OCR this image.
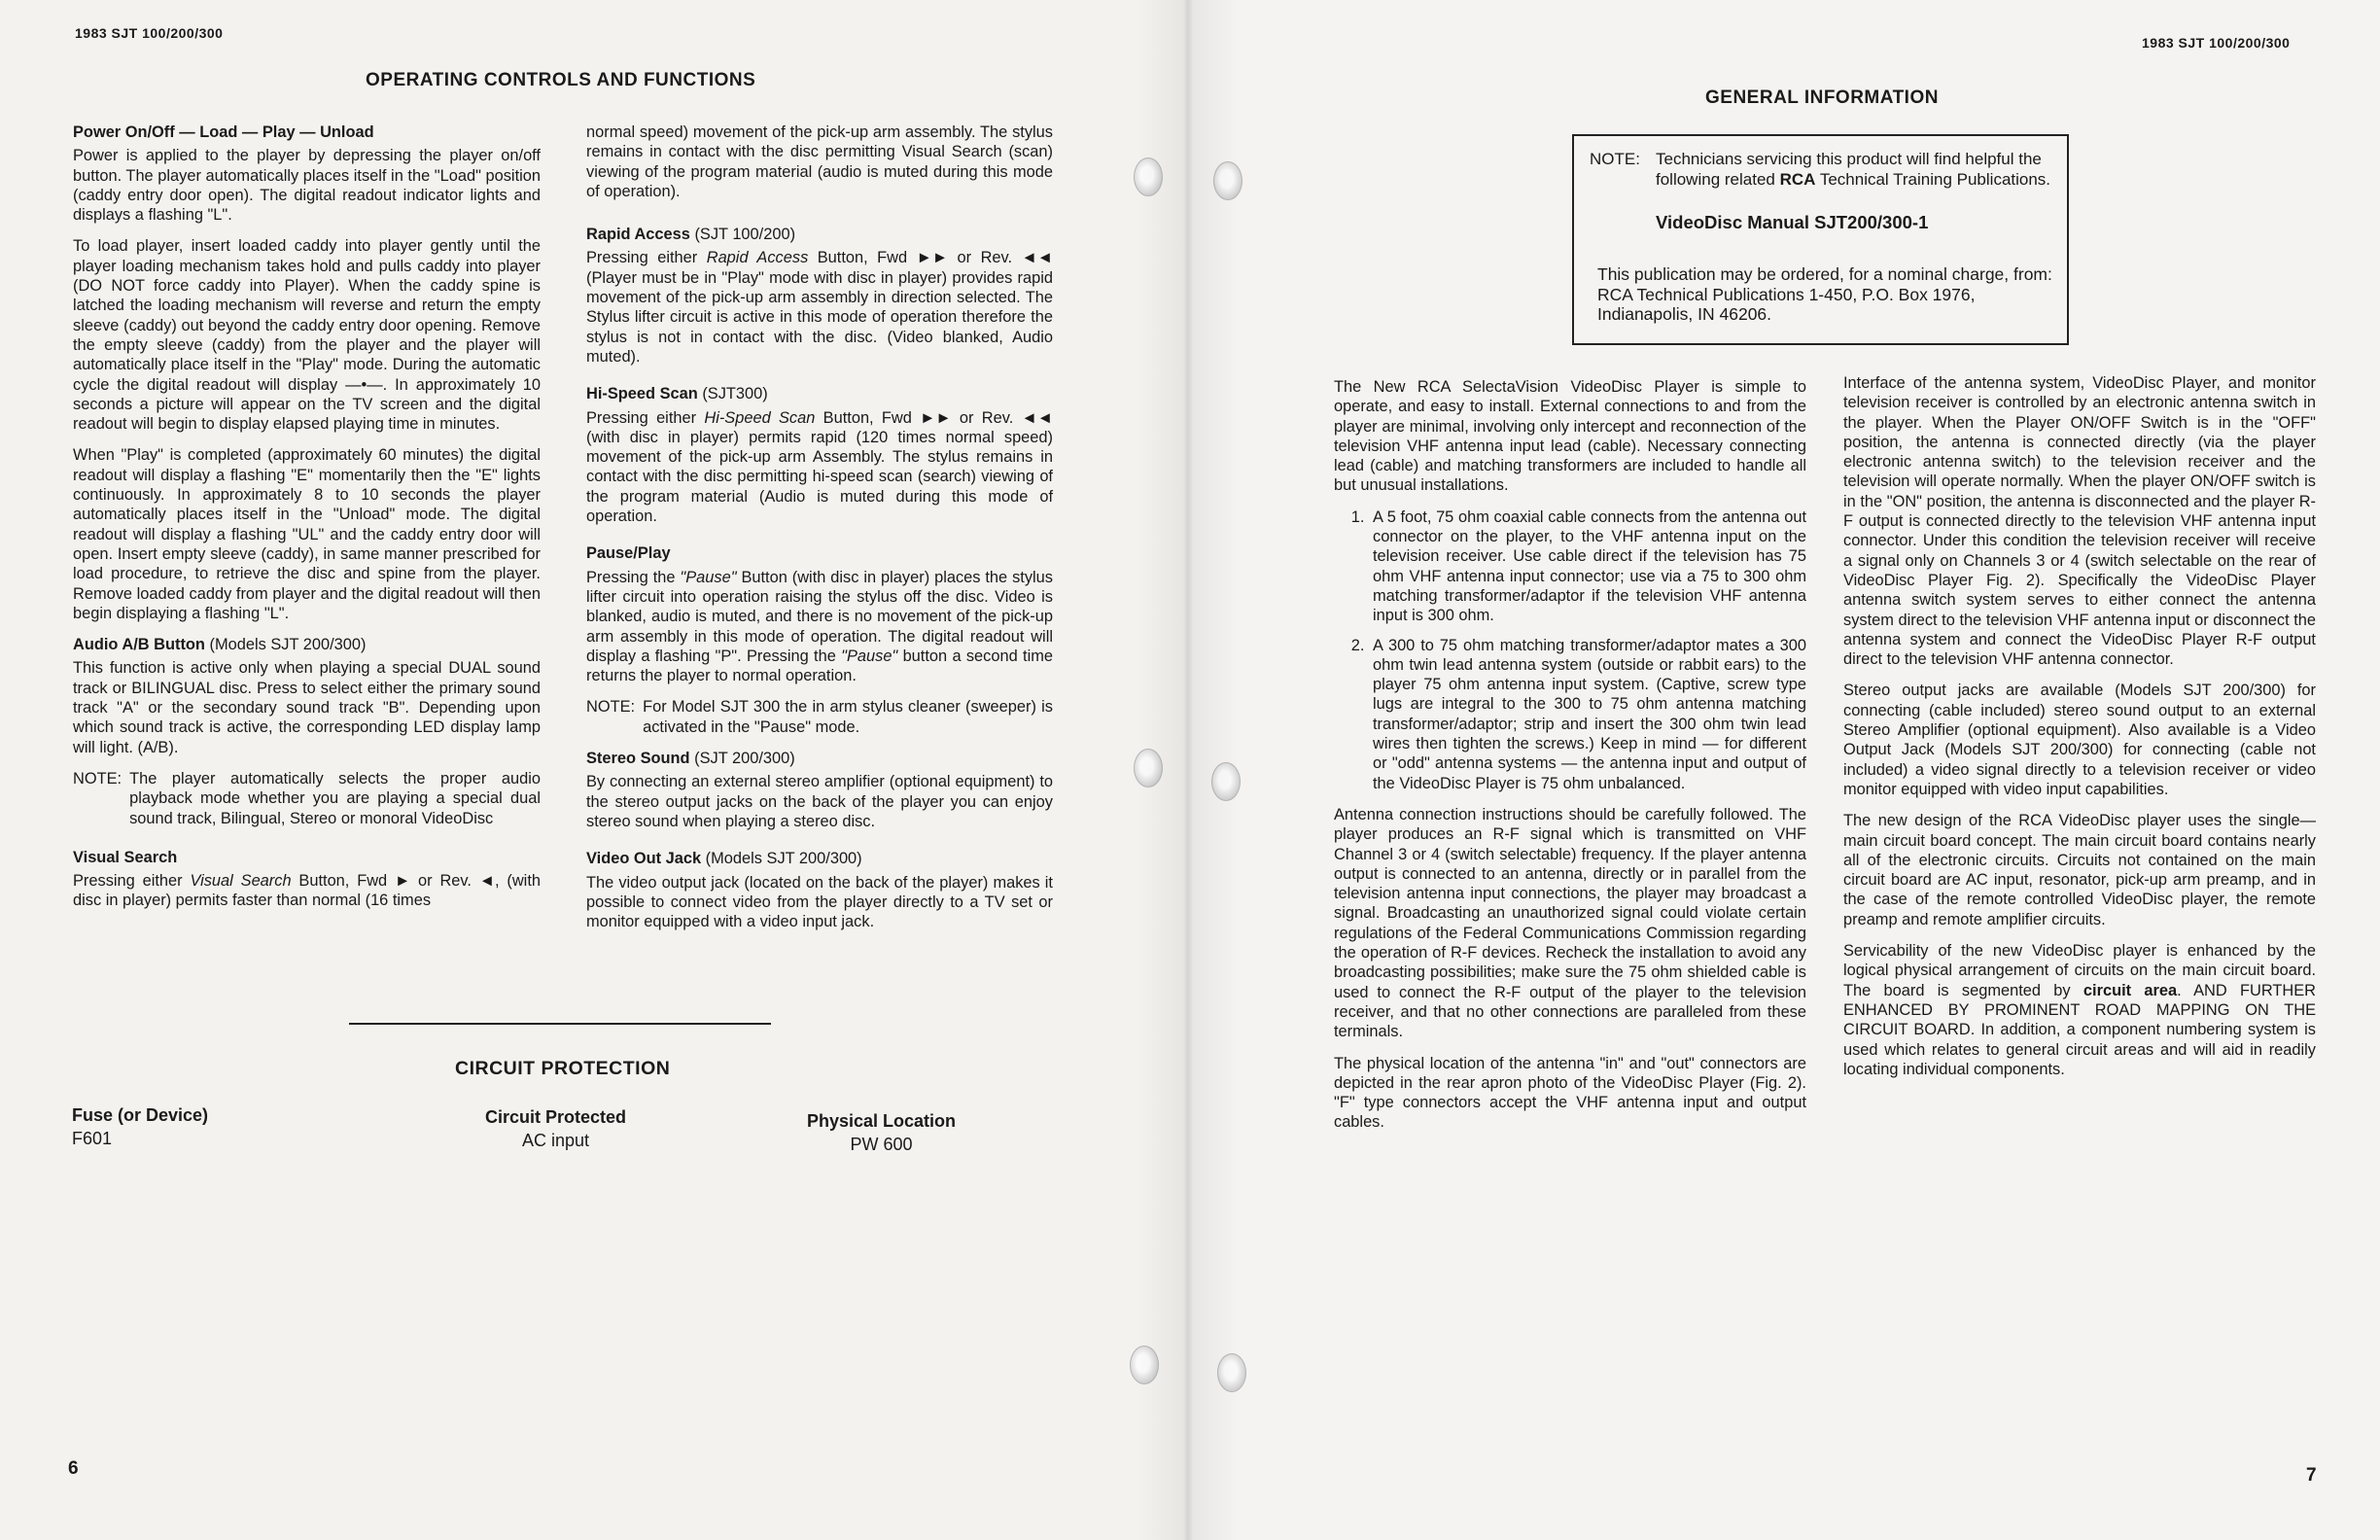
1983 SJT 100/200/300
OPERATING CONTROLS AND FUNCTIONS
Power On/Off — Load — Play — Unload

Power is applied to the player by depressing the player on/off button. The player automatically places itself in the "Load" position (caddy entry door open). The digital readout indicator lights and displays a flashing "L".

To load player, insert loaded caddy into player gently until the player loading mechanism takes hold and pulls caddy into player (DO NOT force caddy into Player). When the caddy spine is latched the loading mechanism will reverse and return the empty sleeve (caddy) out beyond the caddy entry door opening. Remove the empty sleeve (caddy) from the player and the player will automatically place itself in the "Play" mode. During the automatic cycle the digital readout will display —•—. In approximately 10 seconds a picture will appear on the TV screen and the digital readout will begin to display elapsed playing time in minutes.

When "Play" is completed (approximately 60 minutes) the digital readout will display a flashing "E" momentarily then the "E" lights continuously. In approximately 8 to 10 seconds the player automatically places itself in the "Unload" mode. The digital readout will display a flashing "UL" and the caddy entry door will open. Insert empty sleeve (caddy), in same manner prescribed for load procedure, to retrieve the disc and spine from the player. Remove loaded caddy from player and the digital readout will then begin displaying a flashing "L".

Audio A/B Button (Models SJT 200/300)

This function is active only when playing a special DUAL sound track or BILINGUAL disc. Press to select either the primary sound track "A" or the secondary sound track "B". Depending upon which sound track is active, the corresponding LED display lamp will light. (A/B).

NOTE: The player automatically selects the proper audio playback mode whether you are playing a special dual sound track, Bilingual, Stereo or monoral VideoDisc
Visual Search

Pressing either Visual Search Button, Fwd ► or Rev. ◄, (with disc in player) permits faster than normal (16 times

normal speed) movement of the pick-up arm assembly. The stylus remains in contact with the disc permitting Visual Search (scan) viewing of the program material (audio is muted during this mode of operation).

Rapid Access (SJT 100/200)

Pressing either Rapid Access Button, Fwd ►► or Rev. ◄◄ (Player must be in "Play" mode with disc in player) provides rapid movement of the pick-up arm assembly in direction selected. The Stylus lifter circuit is active in this mode of operation therefore the stylus is not in contact with the disc. (Video blanked, Audio muted).

Hi-Speed Scan (SJT300)

Pressing either Hi-Speed Scan Button, Fwd ►► or Rev. ◄◄ (with disc in player) permits rapid (120 times normal speed) movement of the pick-up arm Assembly. The stylus remains in contact with the disc permitting hi-speed scan (search) viewing of the program material (Audio is muted during this mode of operation.

Pause/Play

Pressing the "Pause" Button (with disc in player) places the stylus lifter circuit into operation raising the stylus off the disc. Video is blanked, audio is muted, and there is no movement of the pick-up arm assembly in this mode of operation. The digital readout will display a flashing "P". Pressing the "Pause" button a second time returns the player to normal operation.

NOTE: For Model SJT 300 the in arm stylus cleaner (sweeper) is activated in the "Pause" mode.
Stereo Sound (SJT 200/300)

By connecting an external stereo amplifier (optional equipment) to the stereo output jacks on the back of the player you can enjoy stereo sound when playing a stereo disc.

Video Out Jack (Models SJT 200/300)

The video output jack (located on the back of the player) makes it possible to connect video from the player directly to a TV set or monitor equipped with a video input jack.

CIRCUIT PROTECTION
Fuse (or Device)
F601
Circuit Protected
AC input
Physical Location
PW 600
6
1983 SJT 100/200/300
GENERAL INFORMATION
NOTE: Technicians servicing this product will find helpful the following related RCA Technical Training Publications.
VideoDisc Manual SJT200/300-1
This publication may be ordered, for a nominal charge, from: RCA Technical Publications 1-450, P.O. Box 1976, Indianapolis, IN 46206.

The New RCA SelectaVision VideoDisc Player is simple to operate, and easy to install. External connections to and from the player are minimal, involving only intercept and reconnection of the television VHF antenna input lead (cable). Necessary connecting lead (cable) and matching transformers are included to handle all but unusual installations.

1. A 5 foot, 75 ohm coaxial cable connects from the antenna out connector on the player, to the VHF antenna input on the television receiver. Use cable direct if the television has 75 ohm VHF antenna input connector; use via a 75 to 300 ohm matching transformer/adaptor if the television VHF antenna input is 300 ohm.
2. A 300 to 75 ohm matching transformer/adaptor mates a 300 ohm twin lead antenna system (outside or rabbit ears) to the player 75 ohm antenna input system. (Captive, screw type lugs are integral to the 300 to 75 ohm antenna matching transformer/adaptor; strip and insert the 300 ohm twin lead wires then tighten the screws.) Keep in mind — for different or "odd" antenna systems — the antenna input and output of the VideoDisc Player is 75 ohm unbalanced.

Antenna connection instructions should be carefully followed. The player produces an R-F signal which is transmitted on VHF Channel 3 or 4 (switch selectable) frequency. If the player antenna output is connected to an antenna, directly or in parallel from the television antenna input connections, the player may broadcast a signal. Broadcasting an unauthorized signal could violate certain regulations of the Federal Communications Commission regarding the operation of R-F devices. Recheck the installation to avoid any broadcasting possibilities; make sure the 75 ohm shielded cable is used to connect the R-F output of the player to the television receiver, and that no other connections are paralleled from these terminals.

The physical location of the antenna "in" and "out" connectors are depicted in the rear apron photo of the VideoDisc Player (Fig. 2). "F" type connectors accept the VHF antenna input and output cables.

Interface of the antenna system, VideoDisc Player, and monitor television receiver is controlled by an electronic antenna switch in the player. When the Player ON/OFF Switch is in the "OFF" position, the antenna is connected directly (via the player electronic antenna switch) to the television receiver and the television will operate normally. When the player ON/OFF switch is in the "ON" position, the antenna is disconnected and the player R-F output is connected directly to the television VHF antenna input connector. Under this condition the television receiver will receive a signal only on Channels 3 or 4 (switch selectable on the rear of VideoDisc Player Fig. 2). Specifically the VideoDisc Player antenna switch system serves to either connect the antenna system direct to the television VHF antenna input or disconnect the antenna system and connect the VideoDisc Player R-F output direct to the television VHF antenna connector.

Stereo output jacks are available (Models SJT 200/300) for connecting (cable included) stereo sound output to an external Stereo Amplifier (optional equipment). Also available is a Video Output Jack (Models SJT 200/300) for connecting (cable not included) a video signal directly to a television receiver or video monitor equipped with video input capabilities.

The new design of the RCA VideoDisc player uses the single—main circuit board concept. The main circuit board contains nearly all of the electronic circuits. Circuits not contained on the main circuit board are AC input, resonator, pick-up arm preamp, and in the case of the remote controlled VideoDisc player, the remote preamp and remote amplifier circuits.

Servicability of the new VideoDisc player is enhanced by the logical physical arrangement of circuits on the main circuit board. The board is segmented by circuit area. AND FURTHER ENHANCED BY PROMINENT ROAD MAPPING ON THE CIRCUIT BOARD. In addition, a component numbering system is used which relates to general circuit areas and will aid in readily locating individual components.

7
